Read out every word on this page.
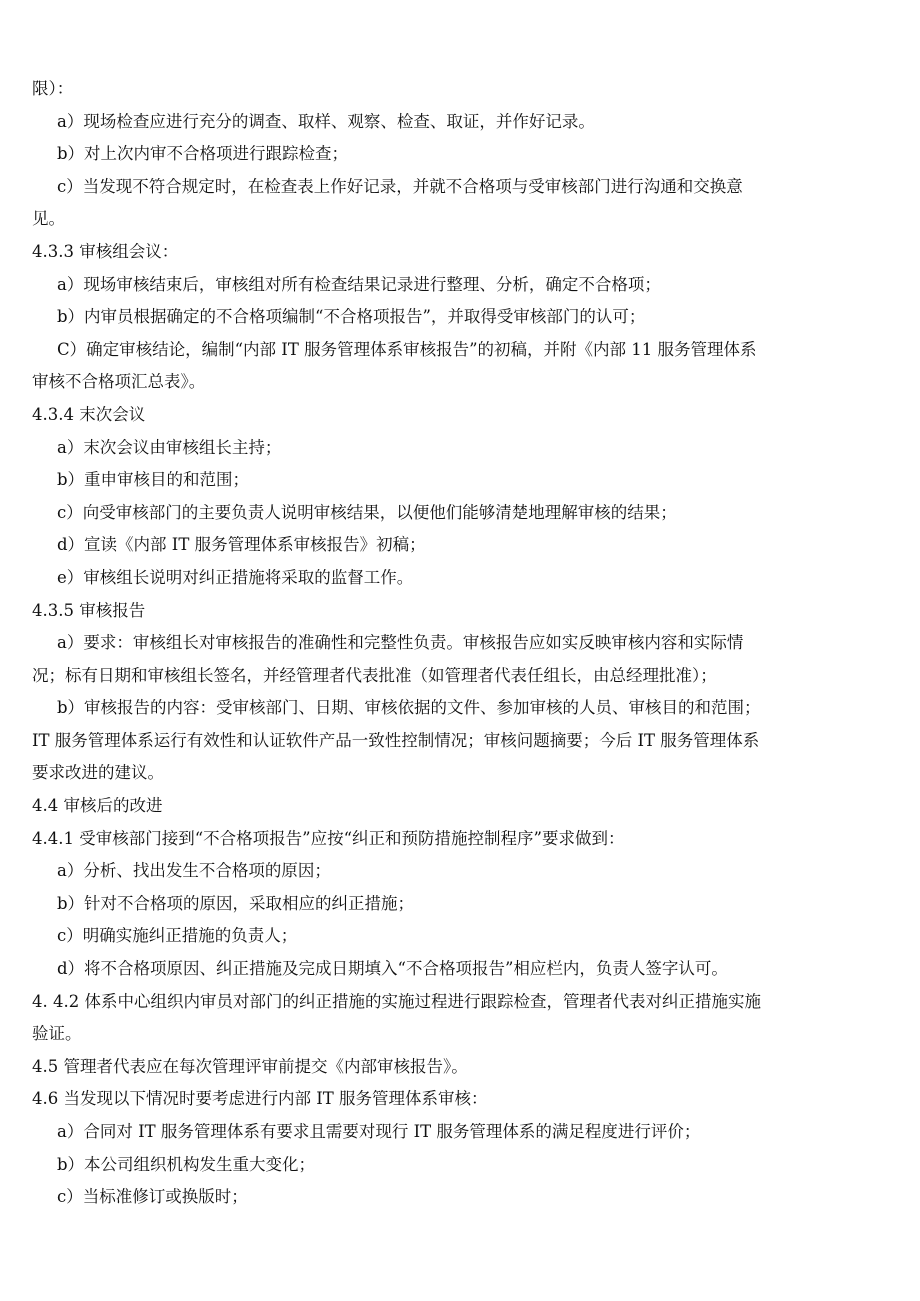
限）：
a）现场检查应进行充分的调查、取样、观察、检查、取证，并作好记录。
b）对上次内审不合格项进行跟踪检查；
c）当发现不符合规定时，在检查表上作好记录，并就不合格项与受审核部门进行沟通和交换意
见。
4.3.3 审核组会议：
a）现场审核结束后，审核组对所有检查结果记录进行整理、分析，确定不合格项；
b）内审员根据确定的不合格项编制“不合格项报告”，并取得受审核部门的认可；
C）确定审核结论，编制“内部 IT 服务管理体系审核报告”的初稿，并附《内部 11 服务管理体系
审核不合格项汇总表》。
4.3.4 末次会议
a）末次会议由审核组长主持；
b）重申审核目的和范围；
c）向受审核部门的主要负责人说明审核结果，以便他们能够清楚地理解审核的结果；
d）宣读《内部 IT 服务管理体系审核报告》初稿；
e）审核组长说明对纠正措施将采取的监督工作。
4.3.5 审核报告
a）要求：审核组长对审核报告的准确性和完整性负责。审核报告应如实反映审核内容和实际情
况；标有日期和审核组长签名，并经管理者代表批准（如管理者代表任组长，由总经理批准）；
b）审核报告的内容：受审核部门、日期、审核依据的文件、参加审核的人员、审核目的和范围；
IT 服务管理体系运行有效性和认证软件产品一致性控制情况；审核问题摘要；今后 IT 服务管理体系
要求改进的建议。
4.4 审核后的改进
4.4.1 受审核部门接到“不合格项报告”应按“纠正和预防措施控制程序”要求做到：
a）分析、找出发生不合格项的原因；
b）针对不合格项的原因，采取相应的纠正措施；
c）明确实施纠正措施的负责人；
d）将不合格项原因、纠正措施及完成日期填入“不合格项报告”相应栏内，负责人签字认可。
4. 4.2 体系中心组织内审员对部门的纠正措施的实施过程进行跟踪检查，管理者代表对纠正措施实施
验证。
4.5 管理者代表应在每次管理评审前提交《内部审核报告》。
4.6 当发现以下情况时要考虑进行内部 IT 服务管理体系审核：
a）合同对 IT 服务管理体系有要求且需要对现行 IT 服务管理体系的满足程度进行评价；
b）本公司组织机构发生重大变化；
c）当标准修订或换版时；
